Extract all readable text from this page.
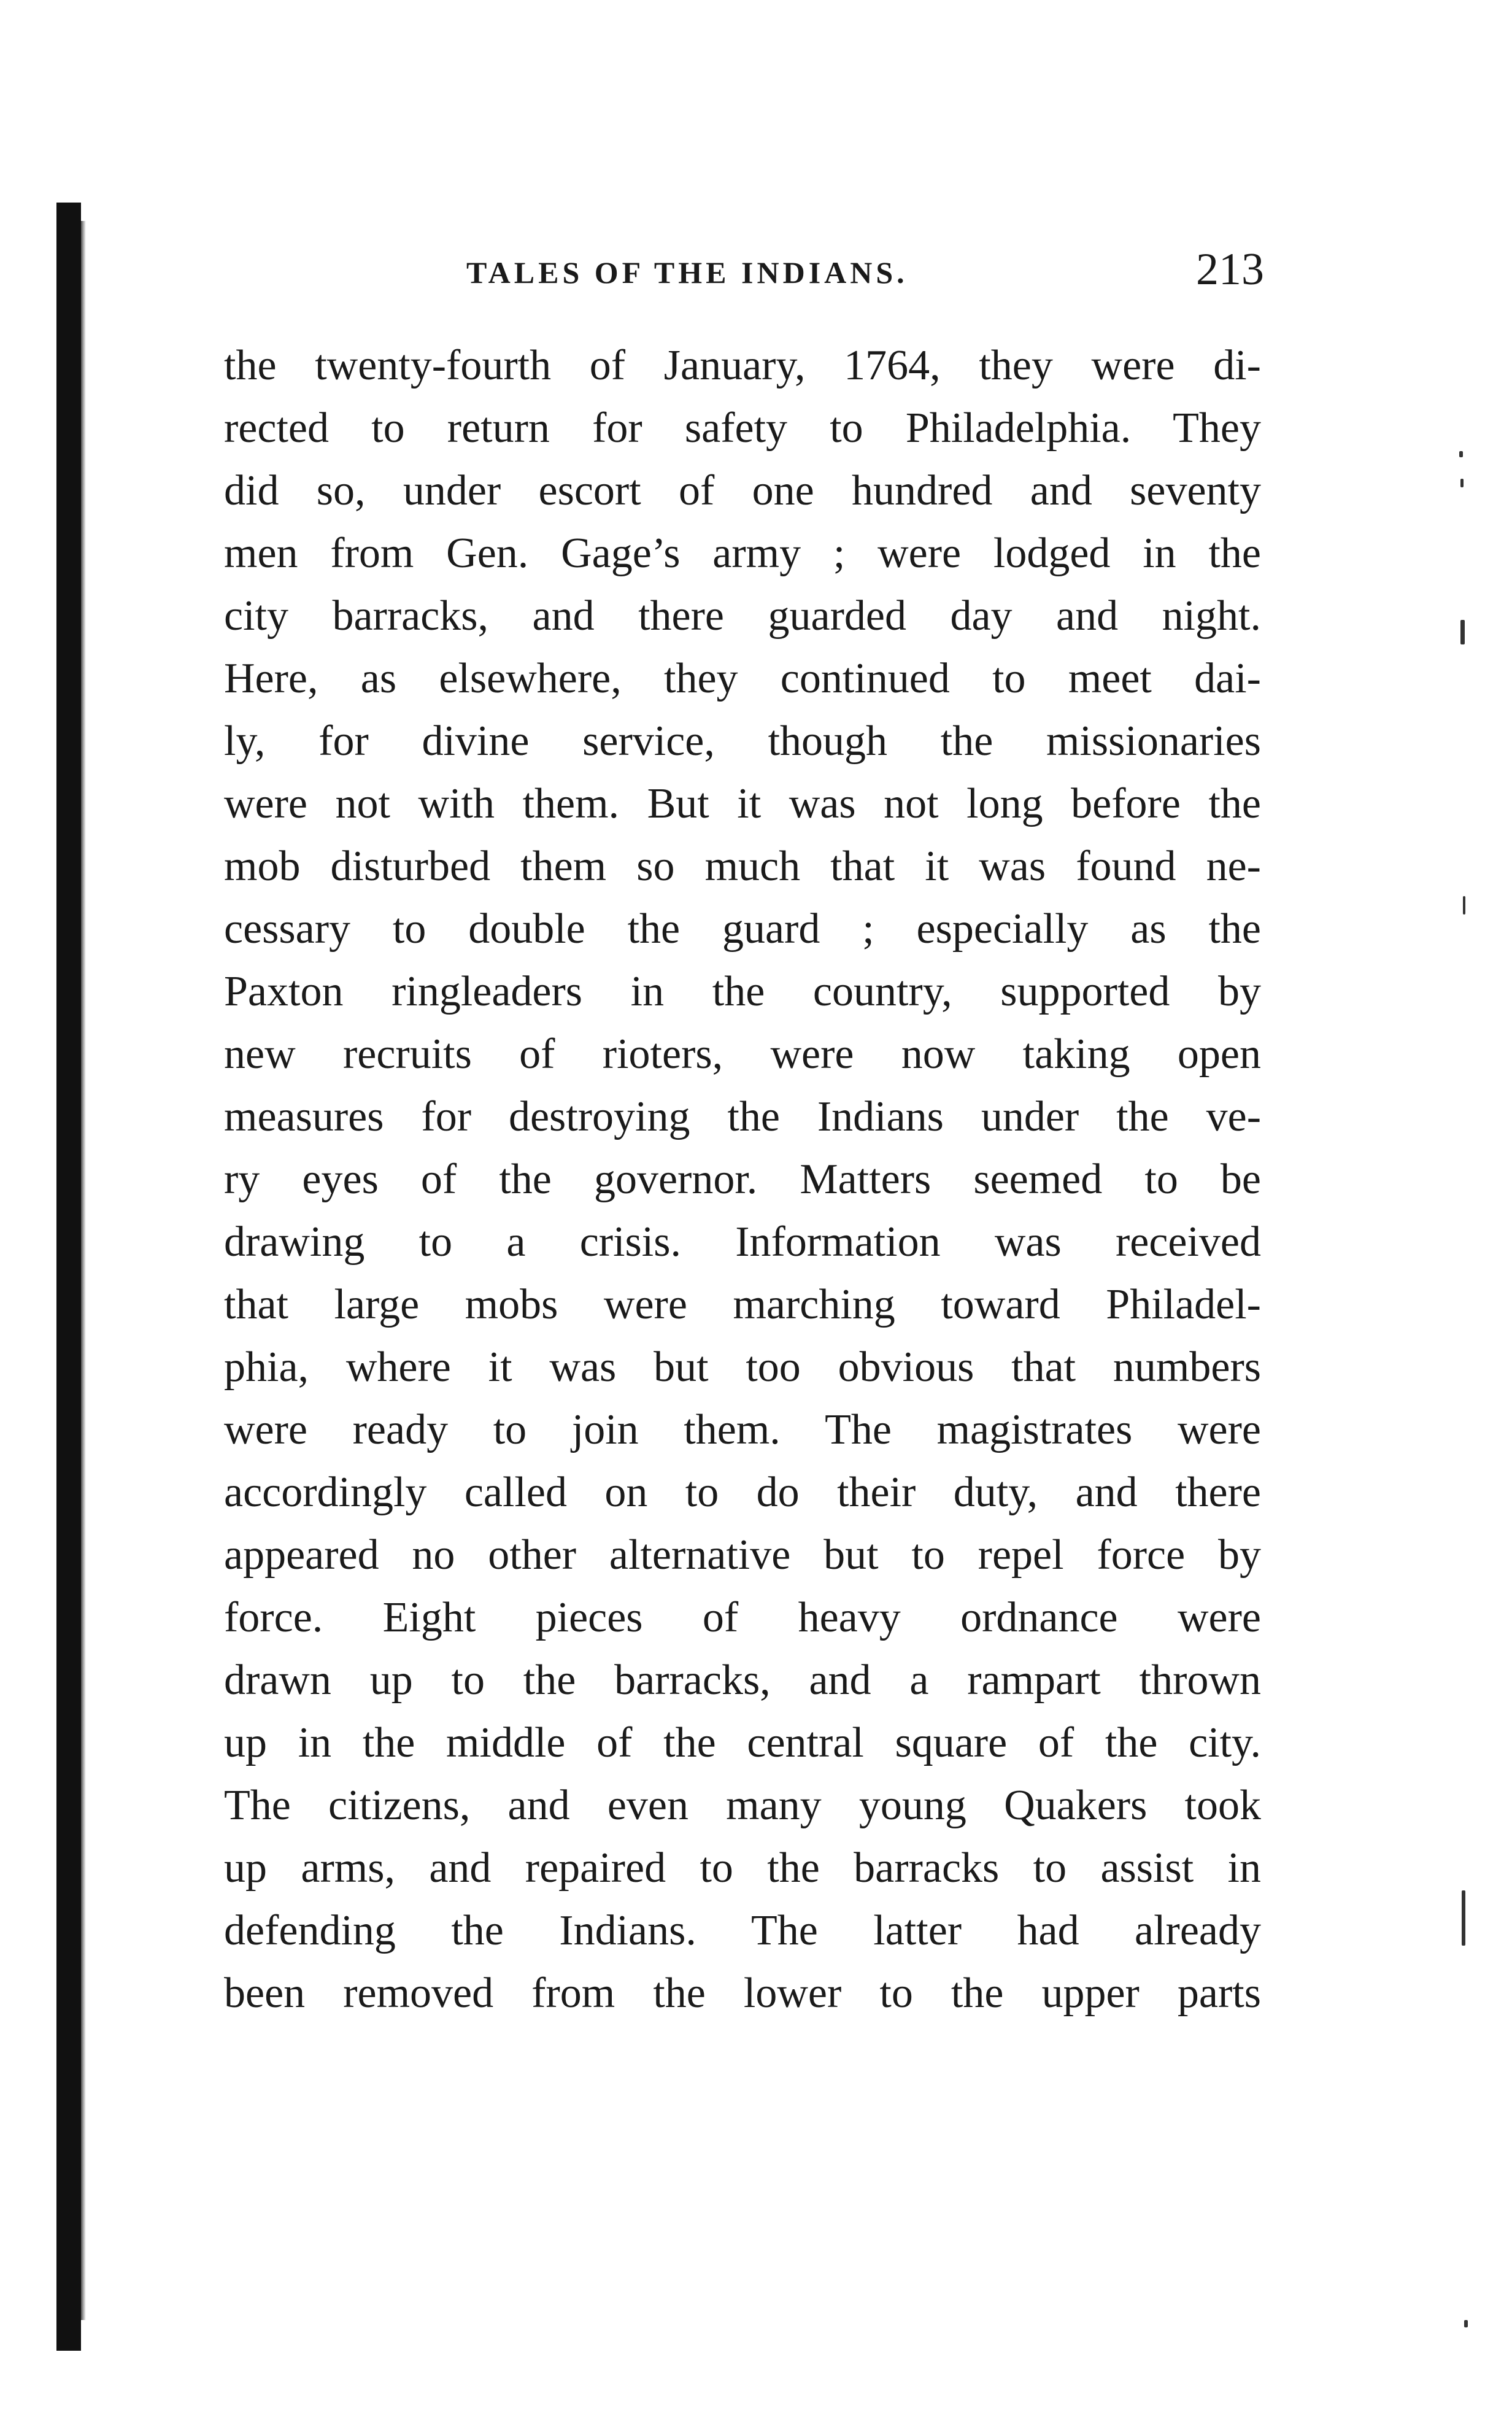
TALES OF THE INDIANS.	213
the twenty-fourth of January, 1764, they were di-
rected to return for safety to Philadelphia. They
did so, under escort of one hundred and seventy
men from Gen. Gage’s army ; were lodged in the
city barracks, and there guarded day and night.
Here, as elsewhere, they continued to meet dai-
ly, for divine service, though the missionaries
were not with them. But it was not long before the
mob disturbed them so much that it was found ne-
cessary to double the guard ; especially as the
Paxton ringleaders in the country, supported by
new recruits of rioters, were now taking open
measures for destroying the Indians under the ve-
ry eyes of the governor. Matters seemed to be
drawing to a crisis. Information was received
that large mobs were marching toward Philadel-
phia, where it was but too obvious that numbers
were ready to join them. The magistrates were
accordingly called on to do their duty, and there
appeared no other alternative but to repel force by
force. Eight pieces of heavy ordnance were
drawn up to the barracks, and a rampart thrown
up in the middle of the central square of the city.
The citizens, and even many young Quakers took
up arms, and repaired to the barracks to assist in
defending the Indians. The latter had already
been removed from the lower to the upper parts
